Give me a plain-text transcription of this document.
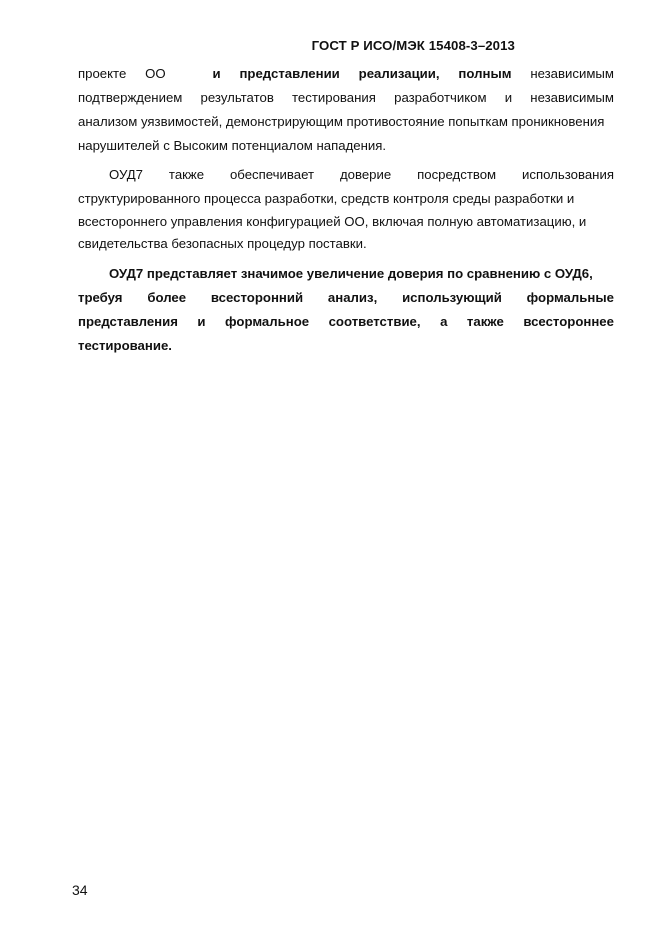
ГОСТ Р ИСО/МЭК 15408-3–2013
проекте ОО	и представлении реализации, полным независимым
подтверждением результатов тестирования разработчиком и независимым
анализом уязвимостей, демонстрирующим противостояние попыткам проникновения
нарушителей с Высоким потенциалом нападения.
ОУД7 также обеспечивает доверие посредством использования
структурированного процесса разработки, средств контроля среды разработки и
всестороннего управления конфигурацией ОО, включая полную автоматизацию, и
свидетельства безопасных процедур поставки.
ОУД7 представляет значимое увеличение доверия по сравнению с ОУД6,
требуя более всесторонний анализ, использующий формальные
представления и формальное соответствие, а также всестороннее
тестирование.
34
